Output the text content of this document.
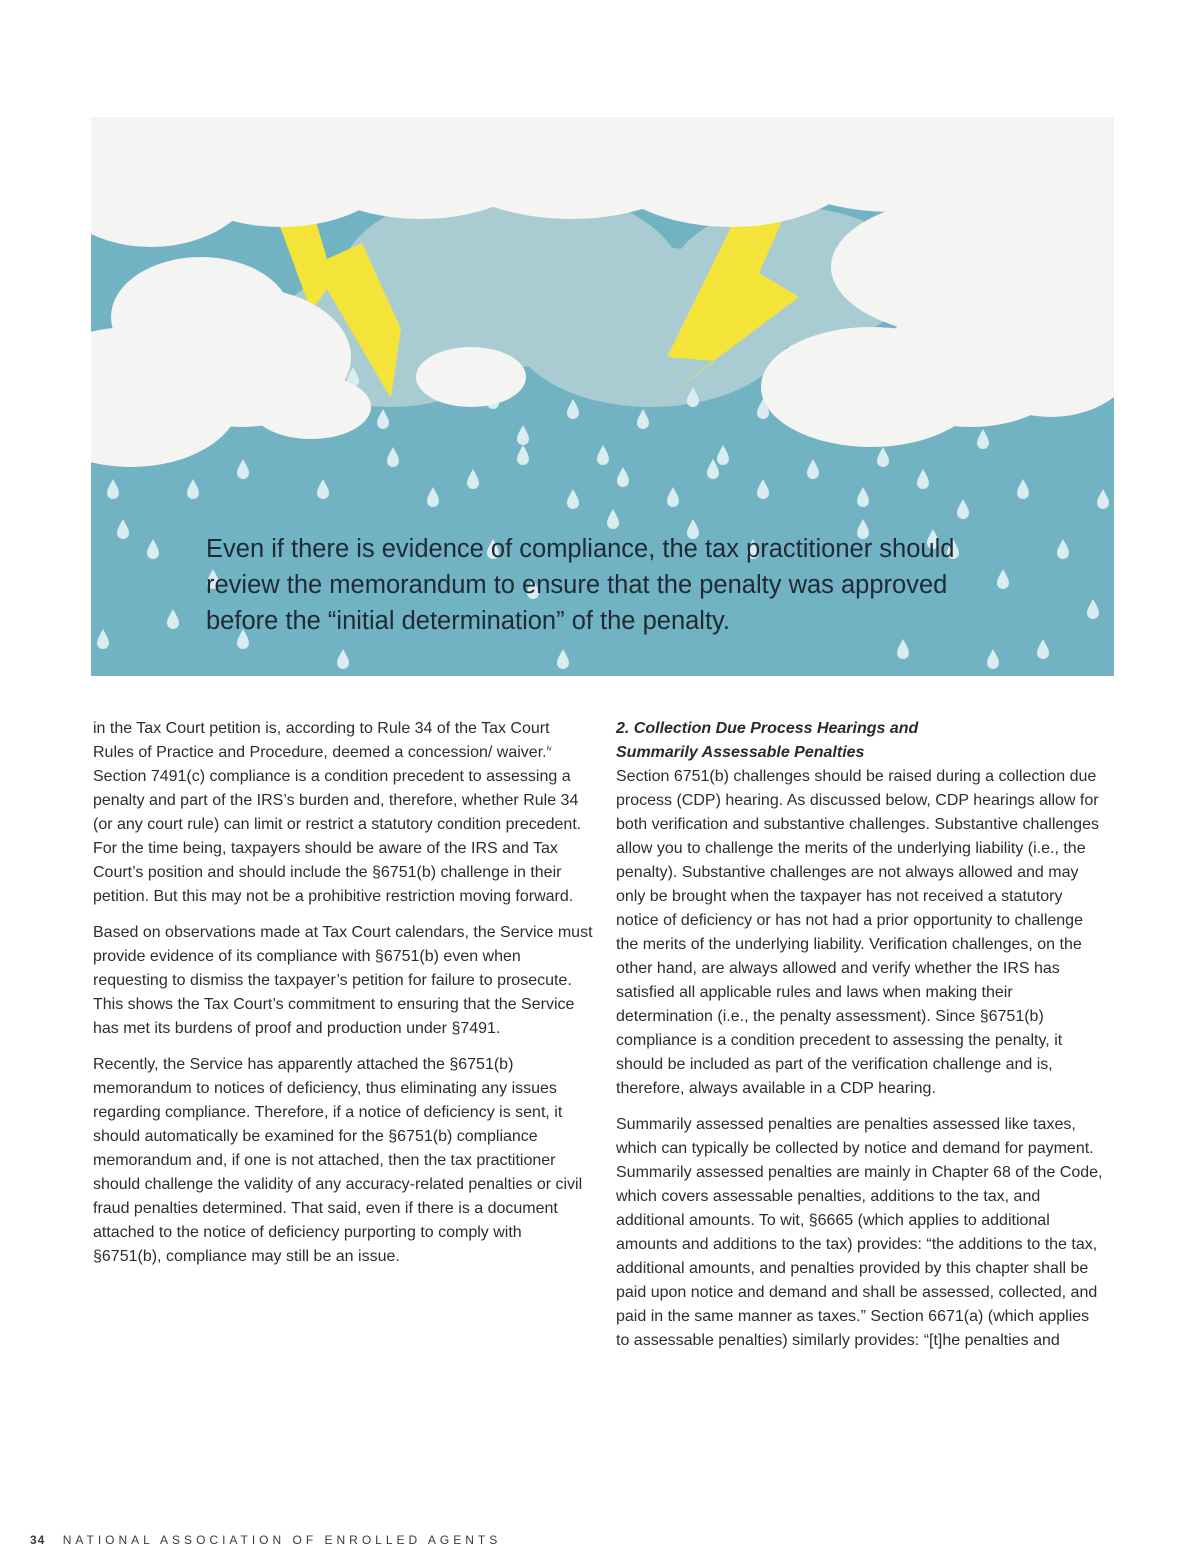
Even if there is evidence of compliance, the tax practitioner should review the memorandum to ensure that the penalty was approved before the “initial determination” of the penalty.

in the Tax Court petition is, according to Rule 34 of the Tax Court Rules of Practice and Procedure, deemed a concession/ waiver.$^{iv}$ Section 7491(c) compliance is a condition precedent to assessing a penalty and part of the IRS’s burden and, therefore, whether Rule 34 (or any court rule) can limit or restrict a statutory condition precedent. For the time being, taxpayers should be aware of the IRS and Tax Court’s position and should include the §6751(b) challenge in their petition. But this may not be a prohibitive restriction moving forward.

Based on observations made at Tax Court calendars, the Service must provide evidence of its compliance with §6751(b) even when requesting to dismiss the taxpayer’s petition for failure to prosecute. This shows the Tax Court’s commitment to ensuring that the Service has met its burdens of proof and production under §7491.

Recently, the Service has apparently attached the §6751(b) memorandum to notices of deficiency, thus eliminating any issues regarding compliance. Therefore, if a notice of deficiency is sent, it should automatically be examined for the §6751(b) compliance memorandum and, if one is not attached, then the tax practitioner should challenge the validity of any accuracy-related penalties or civil fraud penalties determined. That said, even if there is a document attached to the notice of deficiency purporting to comply with §6751(b), compliance may still be an issue.

2. Collection Due Process Hearings and
Summarily Assessable Penalties

Section 6751(b) challenges should be raised during a collection due process (CDP) hearing. As discussed below, CDP hearings allow for both verification and substantive challenges. Substantive challenges allow you to challenge the merits of the underlying liability (i.e., the penalty). Substantive challenges are not always allowed and may only be brought when the taxpayer has not received a statutory notice of deficiency or has not had a prior opportunity to challenge the merits of the underlying liability. Verification challenges, on the other hand, are always allowed and verify whether the IRS has satisfied all applicable rules and laws when making their determination (i.e., the penalty assessment). Since §6751(b) compliance is a condition precedent to assessing the penalty, it should be included as part of the verification challenge and is, therefore, always available in a CDP hearing.

Summarily assessed penalties are penalties assessed like taxes, which can typically be collected by notice and demand for payment. Summarily assessed penalties are mainly in Chapter 68 of the Code, which covers assessable penalties, additions to the tax, and additional amounts. To wit, §6665 (which applies to additional amounts and additions to the tax) provides: “the additions to the tax, additional amounts, and penalties provided by this chapter shall be paid upon notice and demand and shall be assessed, collected, and paid in the same manner as taxes.” Section 6671(a) (which applies to assessable penalties) similarly provides: “[t]he penalties and

34 NATIONAL ASSOCIATION OF ENROLLED AGENTS
